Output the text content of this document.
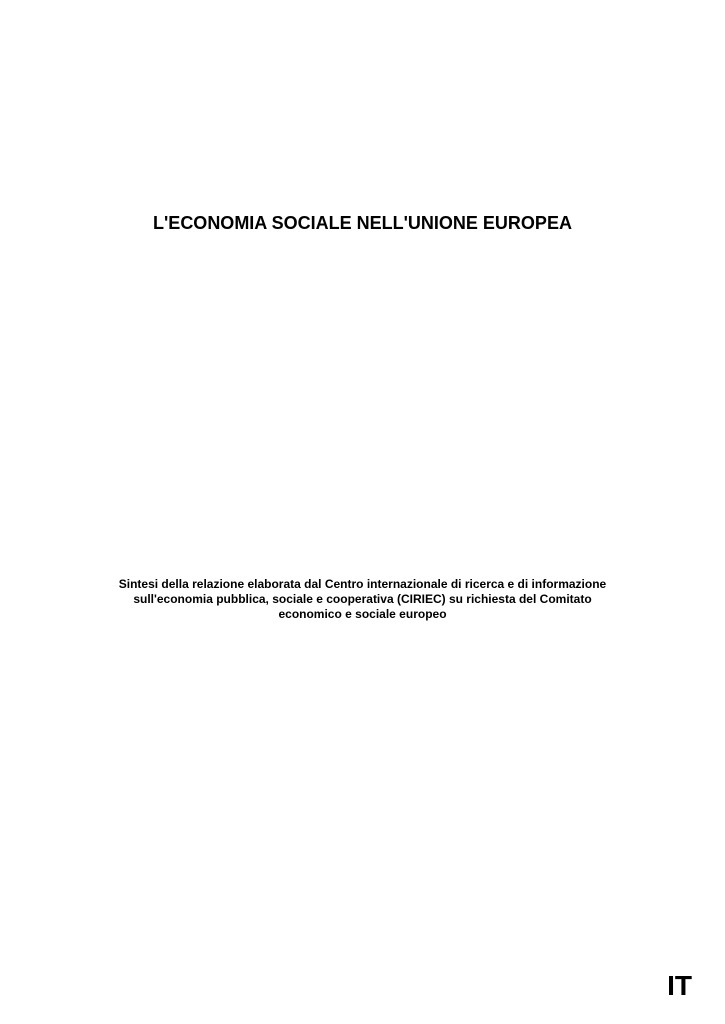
L'ECONOMIA SOCIALE NELL'UNIONE EUROPEA
Sintesi della relazione elaborata dal Centro internazionale di ricerca e di informazione
sull'economia pubblica, sociale e cooperativa (CIRIEC) su richiesta del Comitato
economico e sociale europeo
IT
